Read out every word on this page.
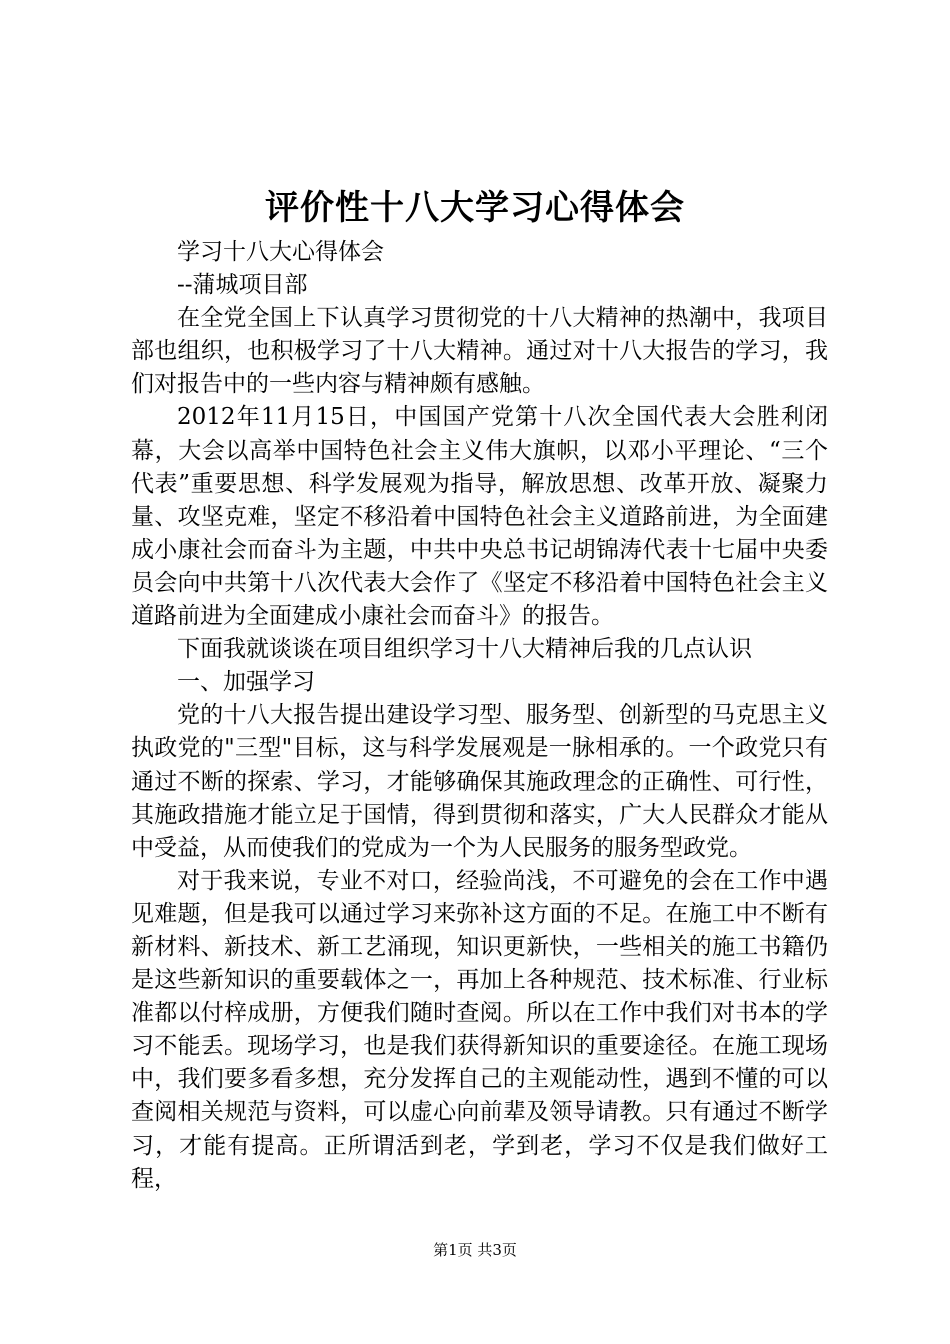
评价性十八大学习心得体会

学习十八大心得体会

--蒲城项目部

在全党全国上下认真学习贯彻党的十八大精神的热潮中，我项目部也组织，也积极学习了十八大精神。通过对十八大报告的学习，我们对报告中的一些内容与精神颇有感触。

2012年11月15日，中国国产党第十八次全国代表大会胜利闭幕，大会以高举中国特色社会主义伟大旗帜，以邓小平理论、“三个代表”重要思想、科学发展观为指导，解放思想、改革开放、凝聚力量、攻坚克难，坚定不移沿着中国特色社会主义道路前进，为全面建成小康社会而奋斗为主题，中共中央总书记胡锦涛代表十七届中央委员会向中共第十八次代表大会作了《坚定不移沿着中国特色社会主义道路前进为全面建成小康社会而奋斗》的报告。

下面我就谈谈在项目组织学习十八大精神后我的几点认识

一、加强学习

党的十八大报告提出建设学习型、服务型、创新型的马克思主义执政党的"三型"目标，这与科学发展观是一脉相承的。一个政党只有通过不断的探索、学习，才能够确保其施政理念的正确性、可行性，其施政措施才能立足于国情，得到贯彻和落实，广大人民群众才能从中受益，从而使我们的党成为一个为人民服务的服务型政党。

对于我来说，专业不对口，经验尚浅，不可避免的会在工作中遇见难题，但是我可以通过学习来弥补这方面的不足。在施工中不断有新材料、新技术、新工艺涌现，知识更新快，一些相关的施工书籍仍是这些新知识的重要载体之一，再加上各种规范、技术标准、行业标准都以付梓成册，方便我们随时查阅。所以在工作中我们对书本的学习不能丢。现场学习，也是我们获得新知识的重要途径。在施工现场中，我们要多看多想，充分发挥自己的主观能动性，遇到不懂的可以查阅相关规范与资料，可以虚心向前辈及领导请教。只有通过不断学习，才能有提高。正所谓活到老，学到老，学习不仅是我们做好工程，

第1页 共3页
